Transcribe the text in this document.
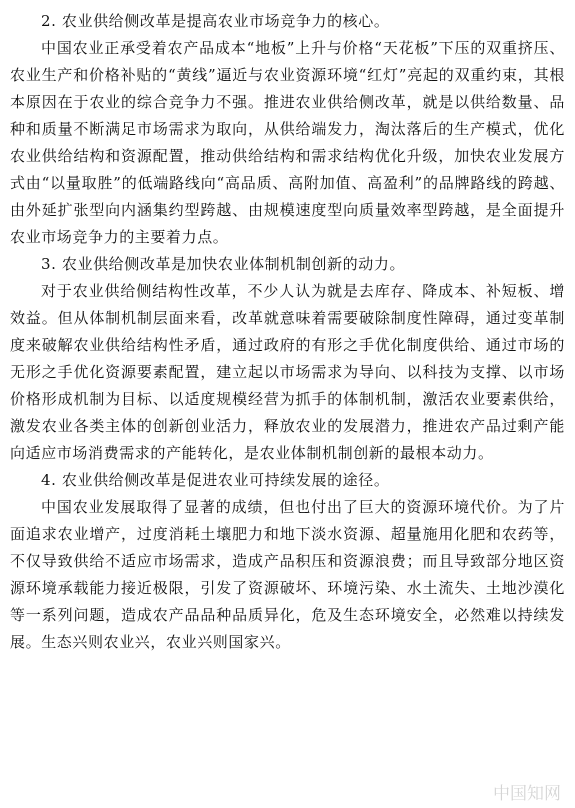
2. 农业供给侧改革是提高农业市场竞争力的核心。

中国农业正承受着农产品成本“地板”上升与价格“天花板”下压的双重挤压、农业生产和价格补贴的“黄线”逼近与农业资源环境“红灯”亮起的双重约束，其根本原因在于农业的综合竞争力不强。推进农业供给侧改革，就是以供给数量、品种和质量不断满足市场需求为取向，从供给端发力，淘汰落后的生产模式，优化农业供给结构和资源配置，推动供给结构和需求结构优化升级，加快农业发展方式由“以量取胜”的低端路线向“高品质、高附加值、高盈利”的品牌路线的跨越、由外延扩张型向内涵集约型跨越、由规模速度型向质量效率型跨越，是全面提升农业市场竞争力的主要着力点。

3. 农业供给侧改革是加快农业体制机制创新的动力。

对于农业供给侧结构性改革，不少人认为就是去库存、降成本、补短板、增效益。但从体制机制层面来看，改革就意味着需要破除制度性障碍，通过变革制度来破解农业供给结构性矛盾，通过政府的有形之手优化制度供给、通过市场的无形之手优化资源要素配置，建立起以市场需求为导向、以科技为支撑、以市场价格形成机制为目标、以适度规模经营为抓手的体制机制，激活农业要素供给，激发农业各类主体的创新创业活力，释放农业的发展潜力，推进农产品过剩产能向适应市场消费需求的产能转化，是农业体制机制创新的最根本动力。

4. 农业供给侧改革是促进农业可持续发展的途径。

中国农业发展取得了显著的成绩，但也付出了巨大的资源环境代价。为了片面追求农业增产，过度消耗土壤肥力和地下淡水资源、超量施用化肥和农药等，不仅导致供给不适应市场需求，造成产品积压和资源浪费；而且导致部分地区资源环境承载能力接近极限，引发了资源破坏、环境污染、水土流失、土地沙漠化等一系列问题，造成农产品品种品质异化，危及生态环境安全，必然难以持续发展。生态兴则农业兴，农业兴则国家兴。

中国知网
